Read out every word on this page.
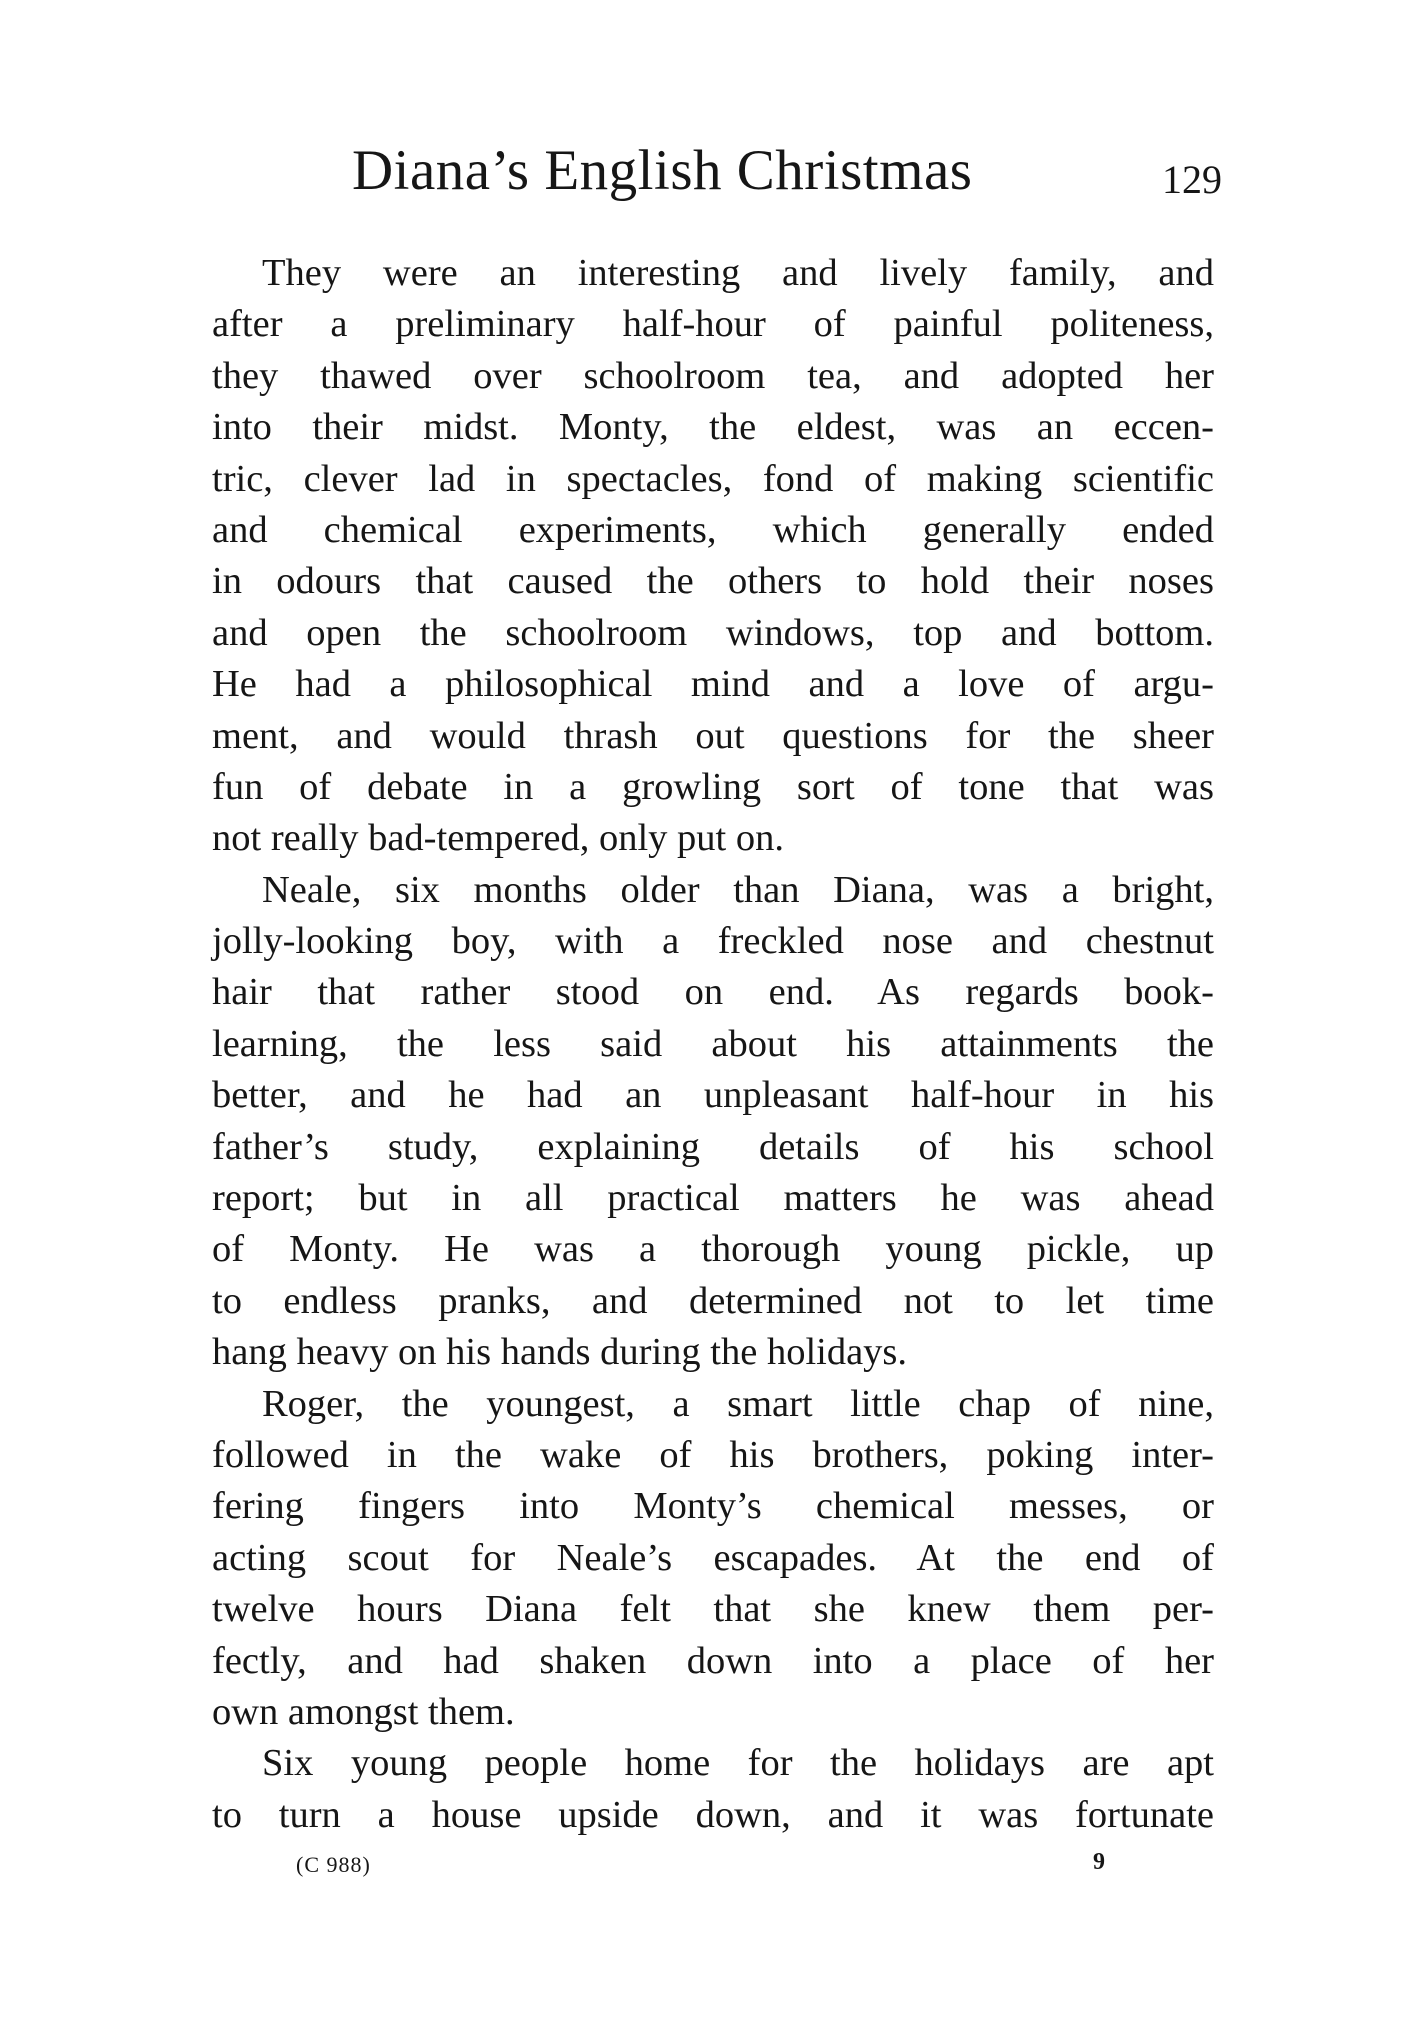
Diana’s English Christmas	129
They were an interesting and lively family, and
after a preliminary half-hour of painful politeness,
they thawed over schoolroom tea, and adopted her
into their midst. Monty, the eldest, was an eccen-
tric, clever lad in spectacles, fond of making scientific
and chemical experiments, which generally ended
in odours that caused the others to hold their noses
and open the schoolroom windows, top and bottom.
He had a philosophical mind and a love of argu-
ment, and would thrash out questions for the sheer
fun of debate in a growling sort of tone that was
not really bad-tempered, only put on.
Neale, six months older than Diana, was a bright,
jolly-looking boy, with a freckled nose and chestnut
hair that rather stood on end. As regards book-
learning, the less said about his attainments the
better, and he had an unpleasant half-hour in his
father’s study, explaining details of his school
report; but in all practical matters he was ahead
of Monty. He was a thorough young pickle, up
to endless pranks, and determined not to let time
hang heavy on his hands during the holidays.
Roger, the youngest, a smart little chap of nine,
followed in the wake of his brothers, poking inter-
fering fingers into Monty’s chemical messes, or
acting scout for Neale’s escapades. At the end of
twelve hours Diana felt that she knew them per-
fectly, and had shaken down into a place of her
own amongst them.
Six young people home for the holidays are apt
to turn a house upside down, and it was fortunate
(C 988)	9
